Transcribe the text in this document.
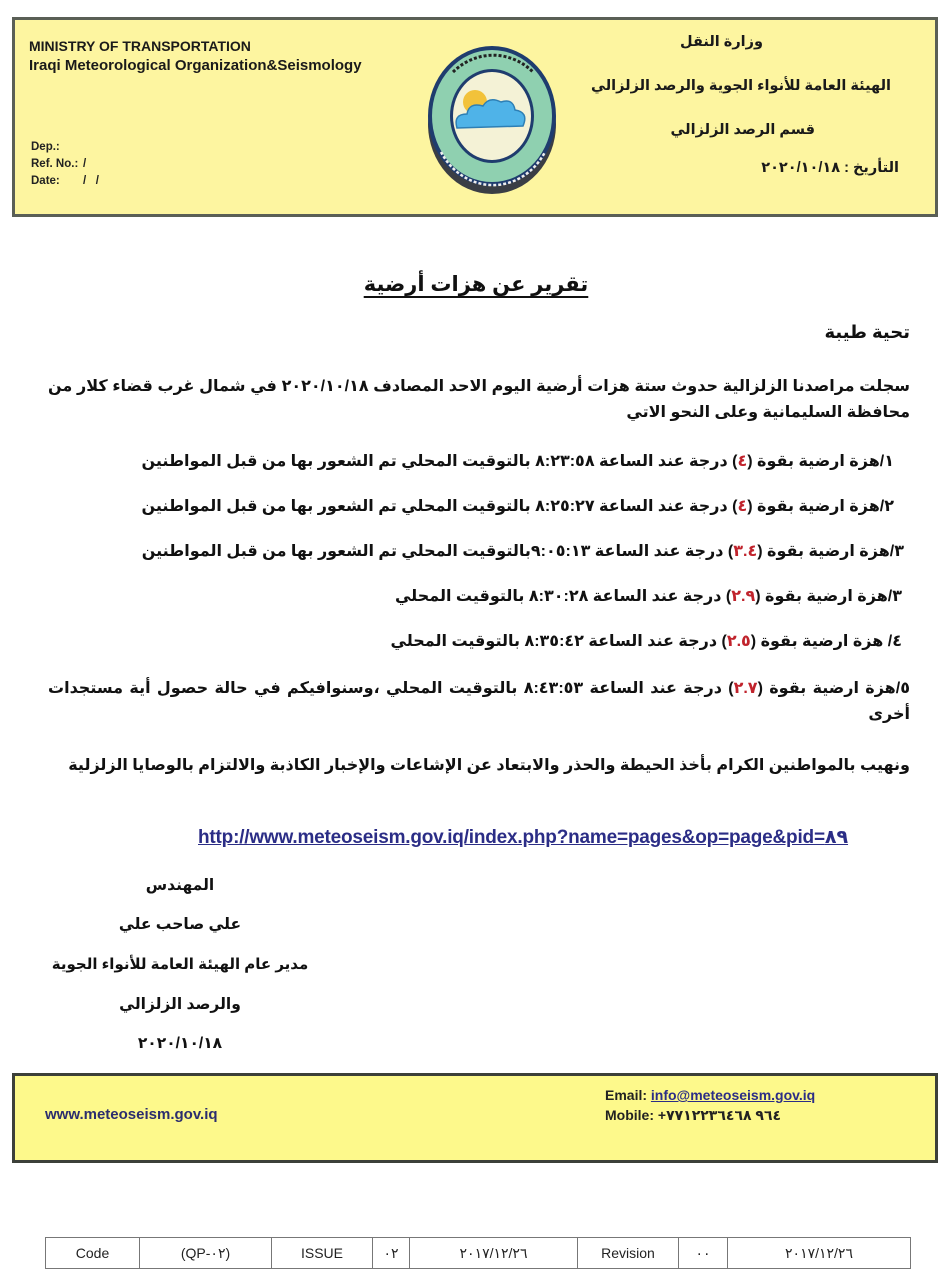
MINISTRY OF TRANSPORTATION
Iraqi Meteorological Organization&Seismology
Dep.:
Ref. No.: /
Date: /   /
وزارة النقل
الهيئة العامة للأنواء الجوية والرصد الزلزالي
قسم الرصد الزلزالي
التأريخ : ٢٠٢٠/١٠/١٨
تقرير عن هزات أرضية
تحية طيبة
سجلت مراصدنا الزلزالية حدوث ستة هزات أرضية اليوم الاحد المصادف ٢٠٢٠/١٠/١٨ في شمال غرب قضاء كلار من محافظة السليمانية وعلى النحو الاتي
١/هزة ارضية بقوة (٤) درجة عند الساعة ٨:٢٣:٥٨ بالتوقيت المحلي تم الشعور بها من قبل المواطنين
٢/هزة ارضية بقوة (٤) درجة عند الساعة ٨:٢٥:٢٧ بالتوقيت المحلي تم الشعور بها من قبل المواطنين
٣/هزة ارضية بقوة (٣.٤) درجة عند الساعة ٩:٠٥:١٣بالتوقيت المحلي تم الشعور بها من قبل المواطنين
٣/هزة ارضية بقوة (٢.٩) درجة عند الساعة ٨:٣٠:٢٨ بالتوقيت المحلي
٤/ هزة ارضية بقوة (٢.٥) درجة عند الساعة ٨:٣٥:٤٢ بالتوقيت المحلي
٥/هزة ارضية بقوة (٢.٧) درجة عند الساعة ٨:٤٣:٥٣ بالتوقيت المحلي ،وسنوافيكم في حالة حصول أية مستجدات أخرى
ونهيب بالمواطنين الكرام بأخذ الحيطة والحذر والابتعاد عن الإشاعات والإخبار الكاذبة والالتزام بالوصايا الزلزلية
http://www.meteoseism.gov.iq/index.php?name=pages&op=page&pid=٨٩
المهندس
علي صاحب علي
مدير عام الهيئة العامة للأنواء الجوية
والرصد الزلزالي
٢٠٢٠/١٠/١٨
www.meteoseism.gov.iq
Email: info@meteoseism.gov.iq
Mobile: +٩٦٤ ٧٧١٢٢٣٦٤٦٨
Code	(QP-٠٢)	ISSUE	٠٢	٢٠١٧/١٢/٢٦	Revision	٠٠	٢٠١٧/١٢/٢٦
